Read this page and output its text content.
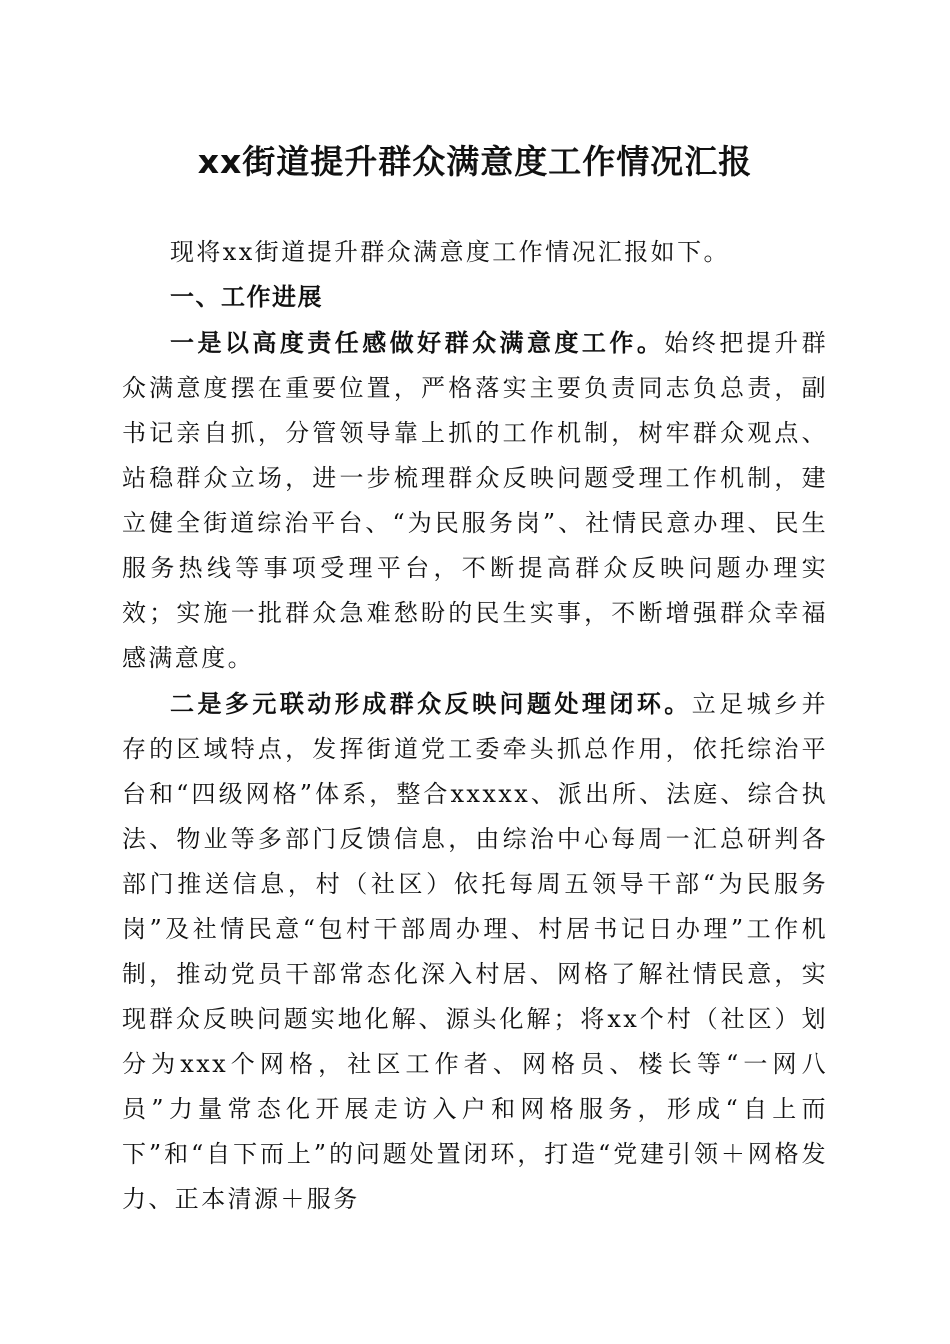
xx街道提升群众满意度工作情况汇报

现将xx街道提升群众满意度工作情况汇报如下。

一、工作进展

一是以高度责任感做好群众满意度工作。始终把提升群众满意度摆在重要位置，严格落实主要负责同志负总责，副书记亲自抓，分管领导靠上抓的工作机制，树牢群众观点、站稳群众立场，进一步梳理群众反映问题受理工作机制，建立健全街道综治平台、“为民服务岗”、社情民意办理、民生服务热线等事项受理平台，不断提高群众反映问题办理实效；实施一批群众急难愁盼的民生实事，不断增强群众幸福感满意度。

二是多元联动形成群众反映问题处理闭环。立足城乡并存的区域特点，发挥街道党工委牵头抓总作用，依托综治平台和“四级网格”体系，整合xxxxx、派出所、法庭、综合执法、物业等多部门反馈信息，由综治中心每周一汇总研判各部门推送信息，村（社区）依托每周五领导干部“为民服务岗”及社情民意“包村干部周办理、村居书记日办理”工作机制，推动党员干部常态化深入村居、网格了解社情民意，实现群众反映问题实地化解、源头化解；将xx个村（社区）划分为xxx个网格，社区工作者、网格员、楼长等“一网八员”力量常态化开展走访入户和网格服务，形成“自上而下”和“自下而上”的问题处置闭环，打造“党建引领＋网格发力、正本清源＋服务
